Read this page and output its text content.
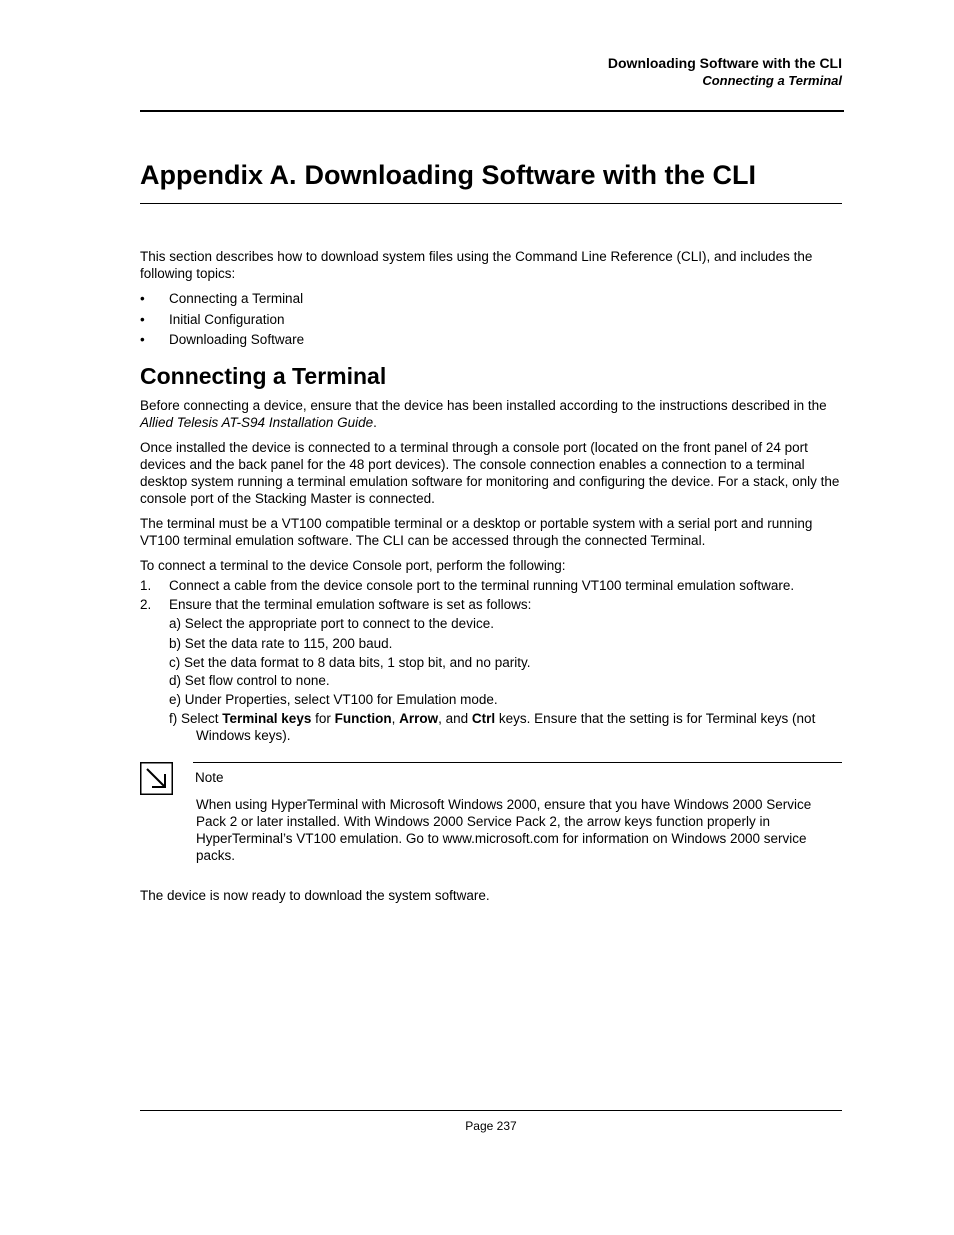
Downloading Software with the CLI
Connecting a Terminal
Appendix A. Downloading Software with the CLI
This section describes how to download system files using the Command Line Reference (CLI), and includes the following topics:
• Connecting a Terminal
• Initial Configuration
• Downloading Software
Connecting a Terminal
Before connecting a device, ensure that the device has been installed according to the instructions described in the Allied Telesis AT-S94 Installation Guide.
Once installed the device is connected to a terminal through a console port (located on the front panel of 24 port devices and the back panel for the 48 port devices). The console connection enables a connection to a terminal desktop system running a terminal emulation software for monitoring and configuring the device. For a stack, only the console port of the Stacking Master is connected.
The terminal must be a VT100 compatible terminal or a desktop or portable system with a serial port and running VT100 terminal emulation software. The CLI can be accessed through the connected Terminal.
To connect a terminal to the device Console port, perform the following:
1. Connect a cable from the device console port to the terminal running VT100 terminal emulation software.
2. Ensure that the terminal emulation software is set as follows:
a) Select the appropriate port to connect to the device.
b) Set the data rate to 115, 200 baud.
c) Set the data format to 8 data bits, 1 stop bit, and no parity.
d) Set flow control to none.
e) Under Properties, select VT100 for Emulation mode.
f) Select Terminal keys for Function, Arrow, and Ctrl keys. Ensure that the setting is for Terminal keys (not Windows keys).
Note
When using HyperTerminal with Microsoft Windows 2000, ensure that you have Windows 2000 Service Pack 2 or later installed. With Windows 2000 Service Pack 2, the arrow keys function properly in HyperTerminal’s VT100 emulation. Go to www.microsoft.com for information on Windows 2000 service packs.
The device is now ready to download the system software.
Page 237
